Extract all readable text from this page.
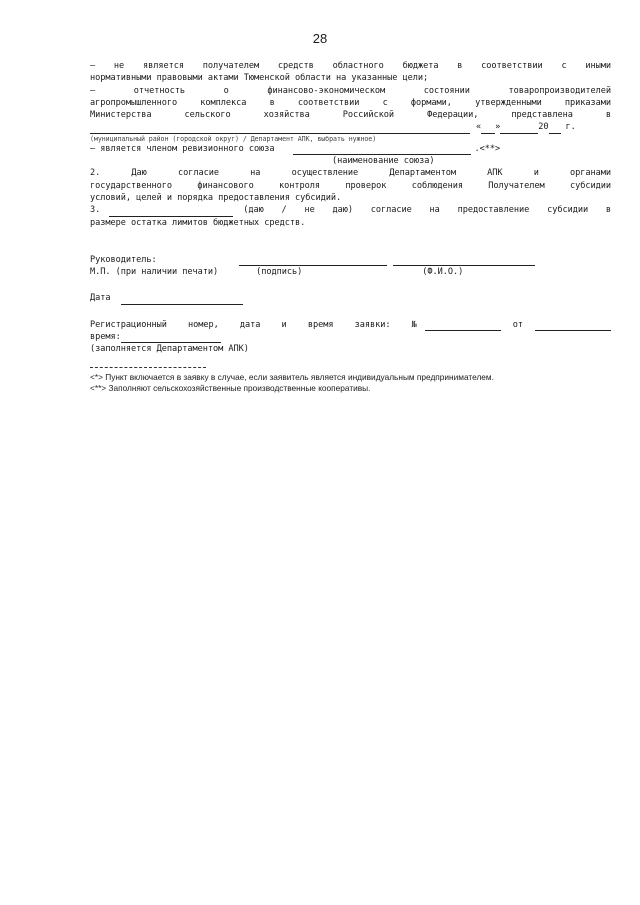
28
– не является получателем средств областного бюджета в соответствии с иными
нормативными правовыми актами Тюменской области на указанные цели;
– отчетность о финансово-экономическом состоянии товаропроизводителей
агропромышленного комплекса в соответствии с формами, утвержденными приказами
Министерства сельского хозяйства Российской Федерации, представлена в
« »	20 г.
(муниципальный район (городской округ) / Департамент АПК, выбрать нужное)
– является членом ревизионного союза	.<**>
(наименование союза)
2. Даю согласие на осуществление Департаментом АПК и органами
государственного финансового контроля проверок соблюдения Получателем субсидии
условий, целей и порядка предоставления субсидий.
3.	(даю / не даю) согласие на предоставление субсидии в
размере остатка лимитов бюджетных средств.
Руководитель:
М.П. (при наличии печати)	(подпись)	(Ф.И.О.)
Дата
Регистрационный номер, дата и время заявки: №	от
время:
(заполняется Департаментом АПК)
<*> Пункт включается в заявку в случае, если заявитель является индивидуальным предпринимателем.
<**> Заполняют сельскохозяйственные производственные кооперативы.
